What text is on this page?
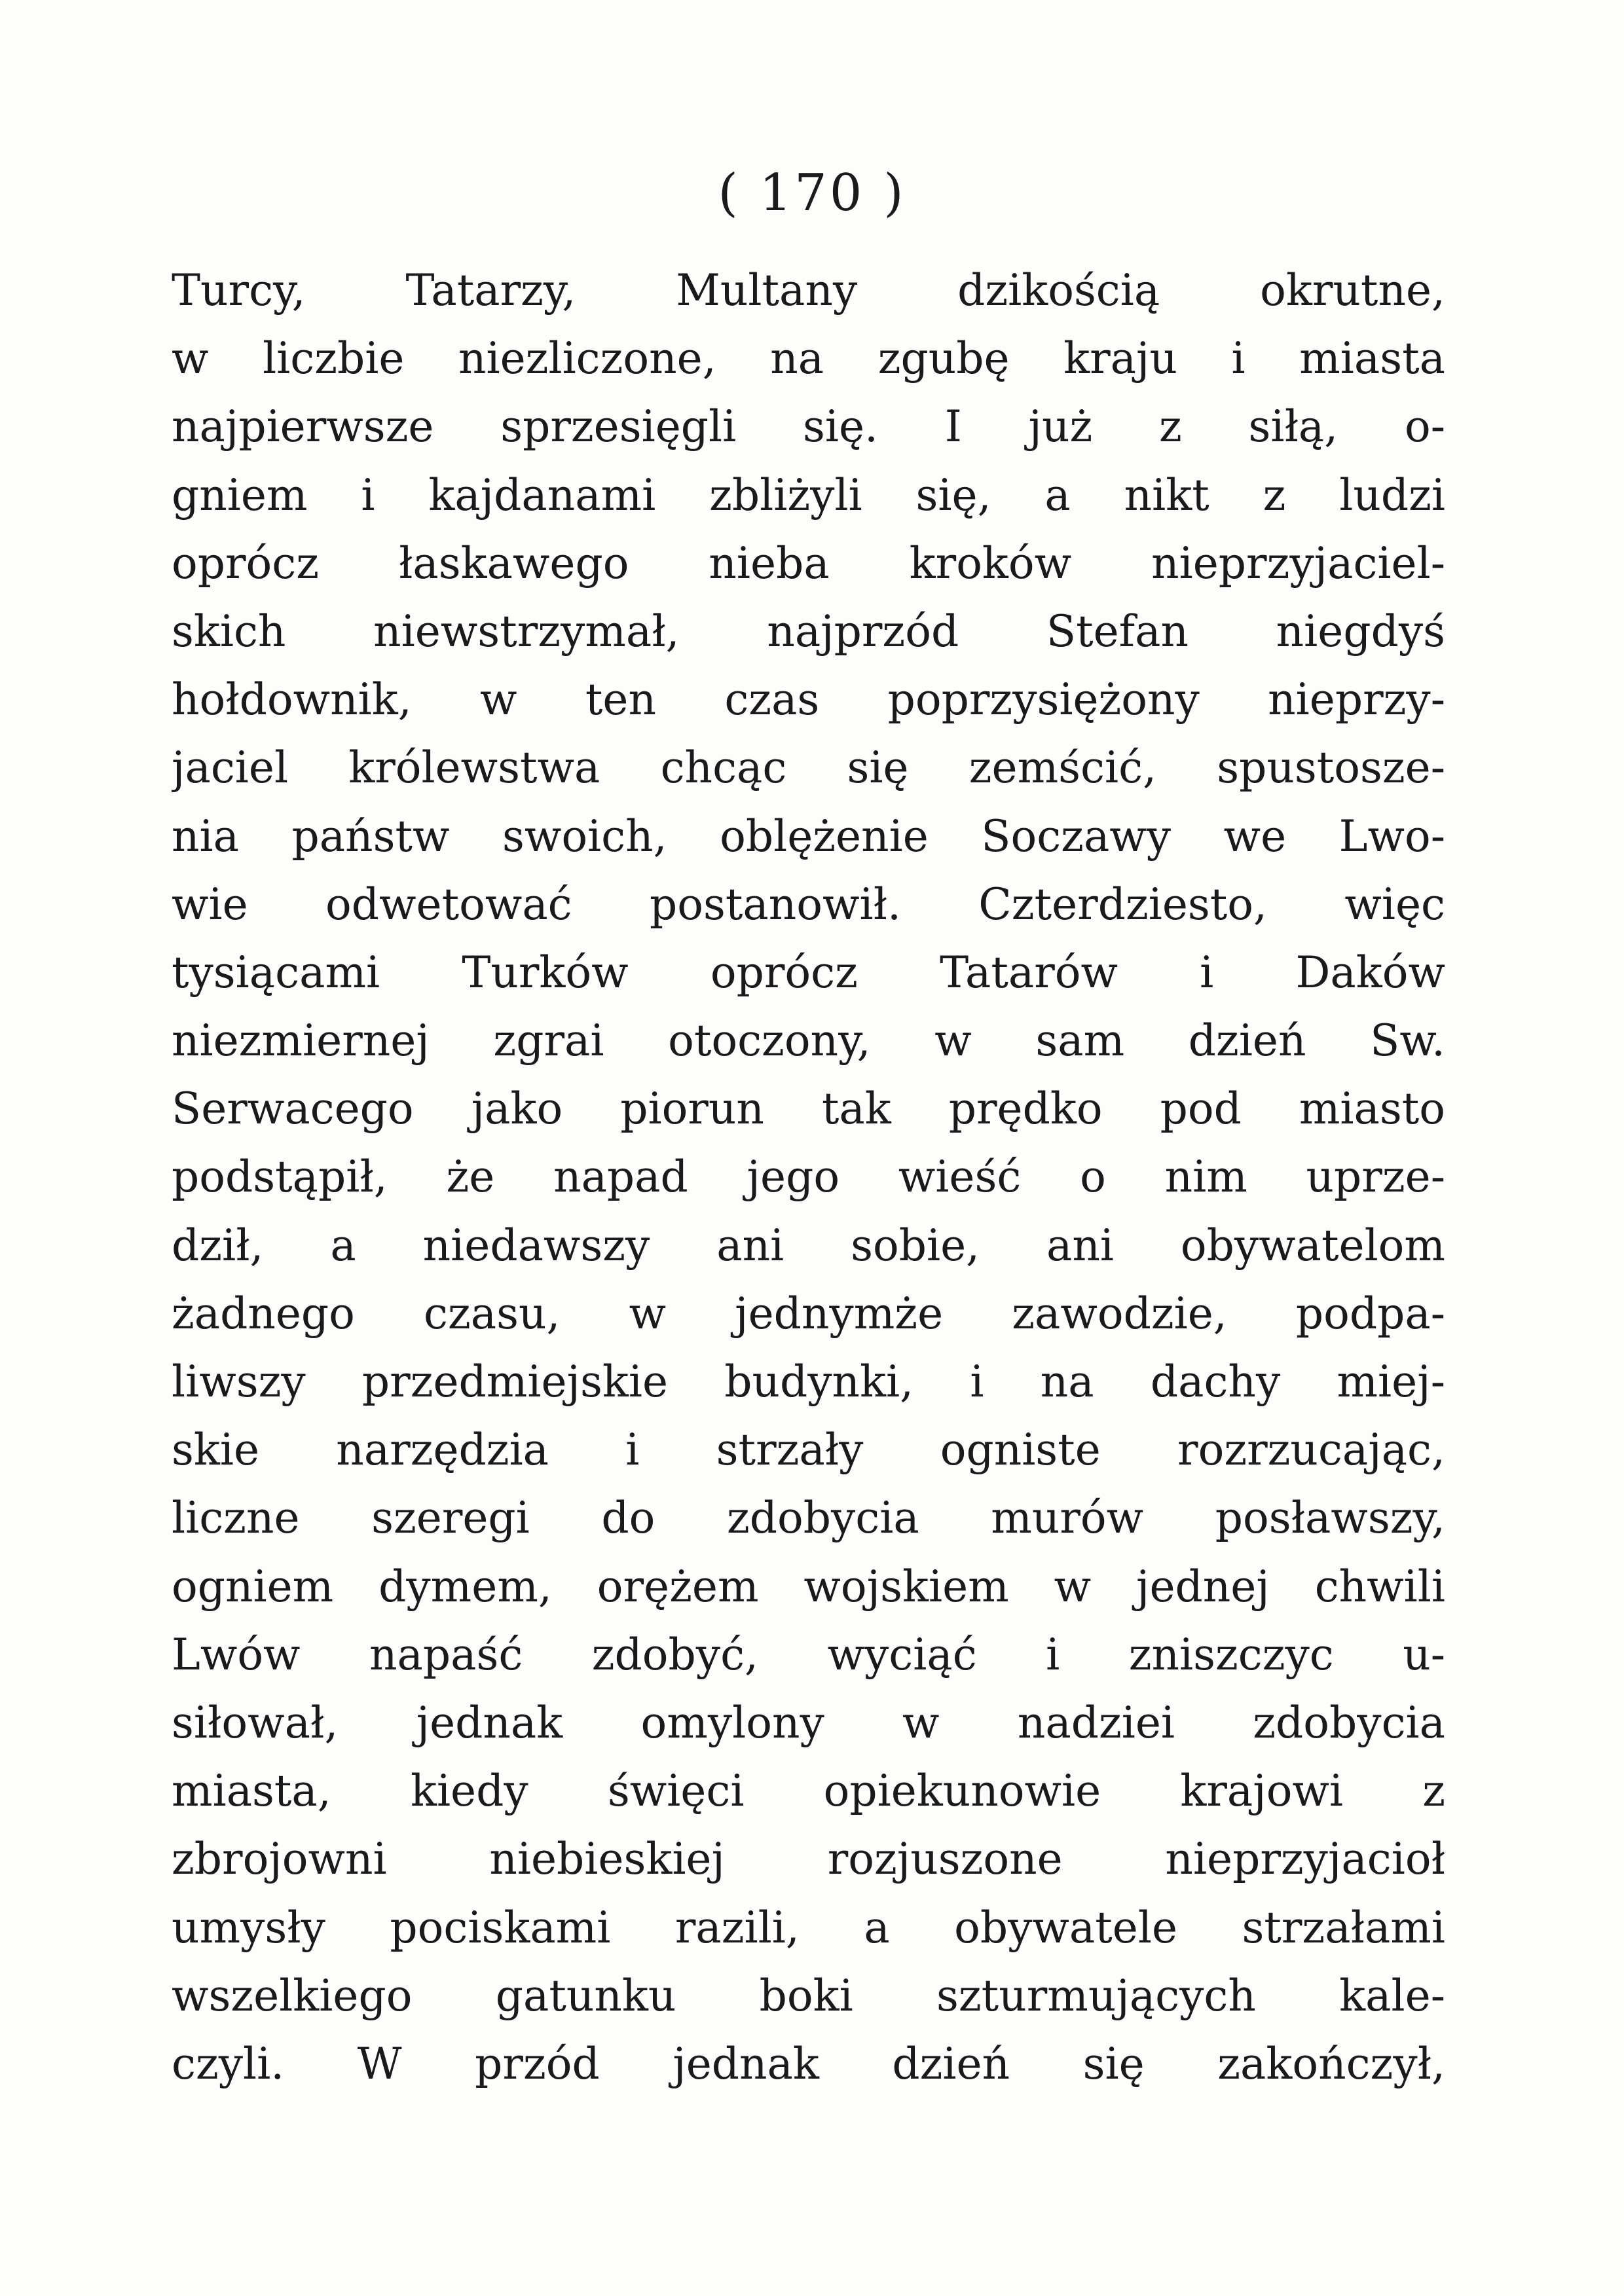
( 170 )
Turcy, Tatarzy, Multany dzikością okrutne,
w liczbie niezliczone, na zgubę kraju i miasta
najpierwsze sprzesięgli się. I już z siłą, o-
gniem i kajdanami zbliżyli się, a nikt z ludzi
oprócz łaskawego nieba kroków nieprzyjaciel-
skich niewstrzymał, najprzód Stefan niegdyś
hołdownik, w ten czas poprzysiężony nieprzy-
jaciel królewstwa chcąc się zemścić, spustosze-
nia państw swoich, oblężenie Soczawy we Lwo-
wie odwetować postanowił. Czterdziesto, więc
tysiącami Turków oprócz Tatarów i Daków
niezmiernej zgrai otoczony, w sam dzień Sw.
Serwacego jako piorun tak prędko pod miasto
podstąpił, że napad jego wieść o nim uprze-
dził, a niedawszy ani sobie, ani obywatelom
żadnego czasu, w jednymże zawodzie, podpa-
liwszy przedmiejskie budynki, i na dachy miej-
skie narzędzia i strzały ogniste rozrzucając,
liczne szeregi do zdobycia murów posławszy,
ogniem dymem, orężem wojskiem w jednej chwili
Lwów napaść zdobyć, wyciąć i zniszczyc u-
siłował, jednak omylony w nadziei zdobycia
miasta, kiedy święci opiekunowie krajowi z
zbrojowni niebieskiej rozjuszone nieprzyjacioł
umysły pociskami razili, a obywatele strzałami
wszelkiego gatunku boki szturmujących kale-
czyli. W przód jednak dzień się zakończył,
